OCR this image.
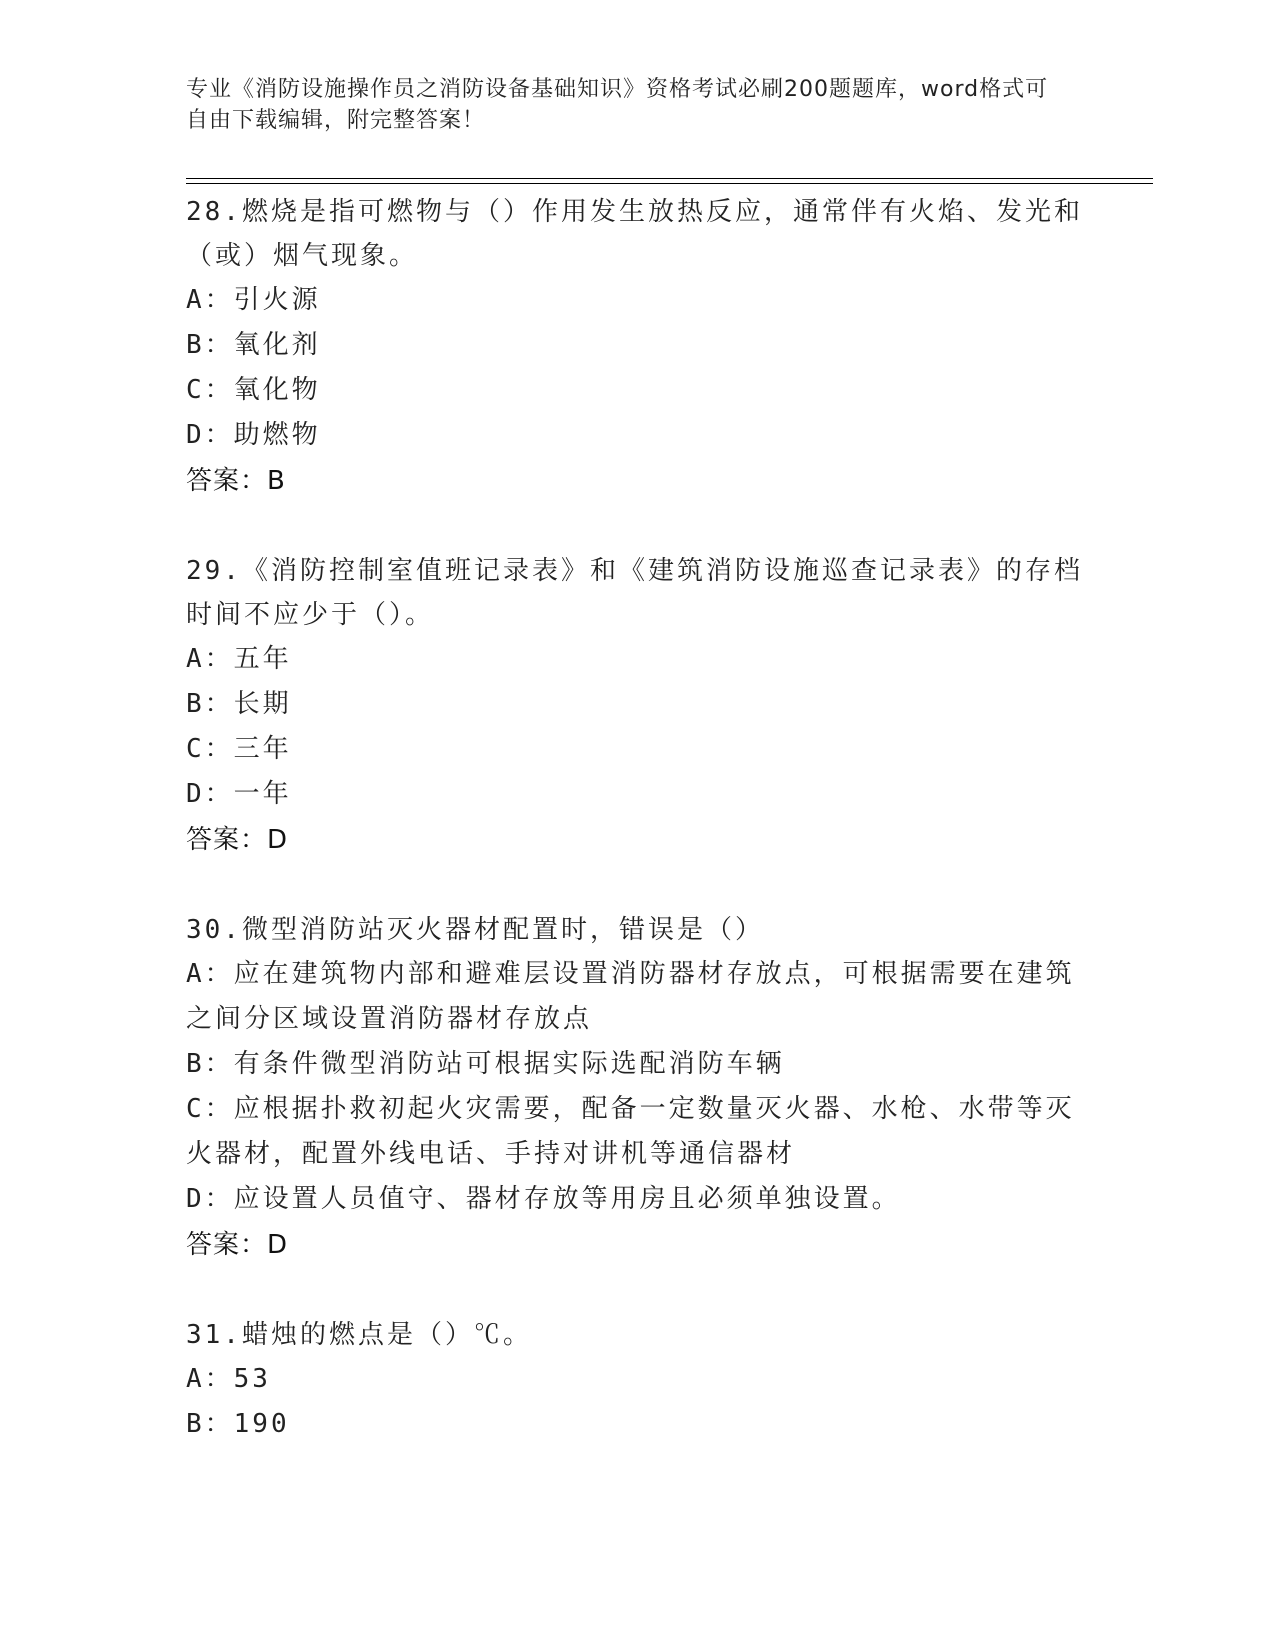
专业《消防设施操作员之消防设备基础知识》资格考试必刷200题题库，word格式可自由下载编辑，附完整答案！

28.燃烧是指可燃物与（）作用发生放热反应，通常伴有火焰、发光和（或）烟气现象。

A：引火源

B：氧化剂

C：氧化物

D：助燃物

答案：B

29.《消防控制室值班记录表》和《建筑消防设施巡查记录表》的存档时间不应少于（）。

A：五年

B：长期

C：三年

D：一年

答案：D

30.微型消防站灭火器材配置时，错误是（）

A：应在建筑物内部和避难层设置消防器材存放点，可根据需要在建筑之间分区域设置消防器材存放点

B：有条件微型消防站可根据实际选配消防车辆

C：应根据扑救初起火灾需要，配备一定数量灭火器、水枪、水带等灭火器材，配置外线电话、手持对讲机等通信器材

D：应设置人员值守、器材存放等用房且必须单独设置。

答案：D

31.蜡烛的燃点是（）℃。

A：53

B：190
